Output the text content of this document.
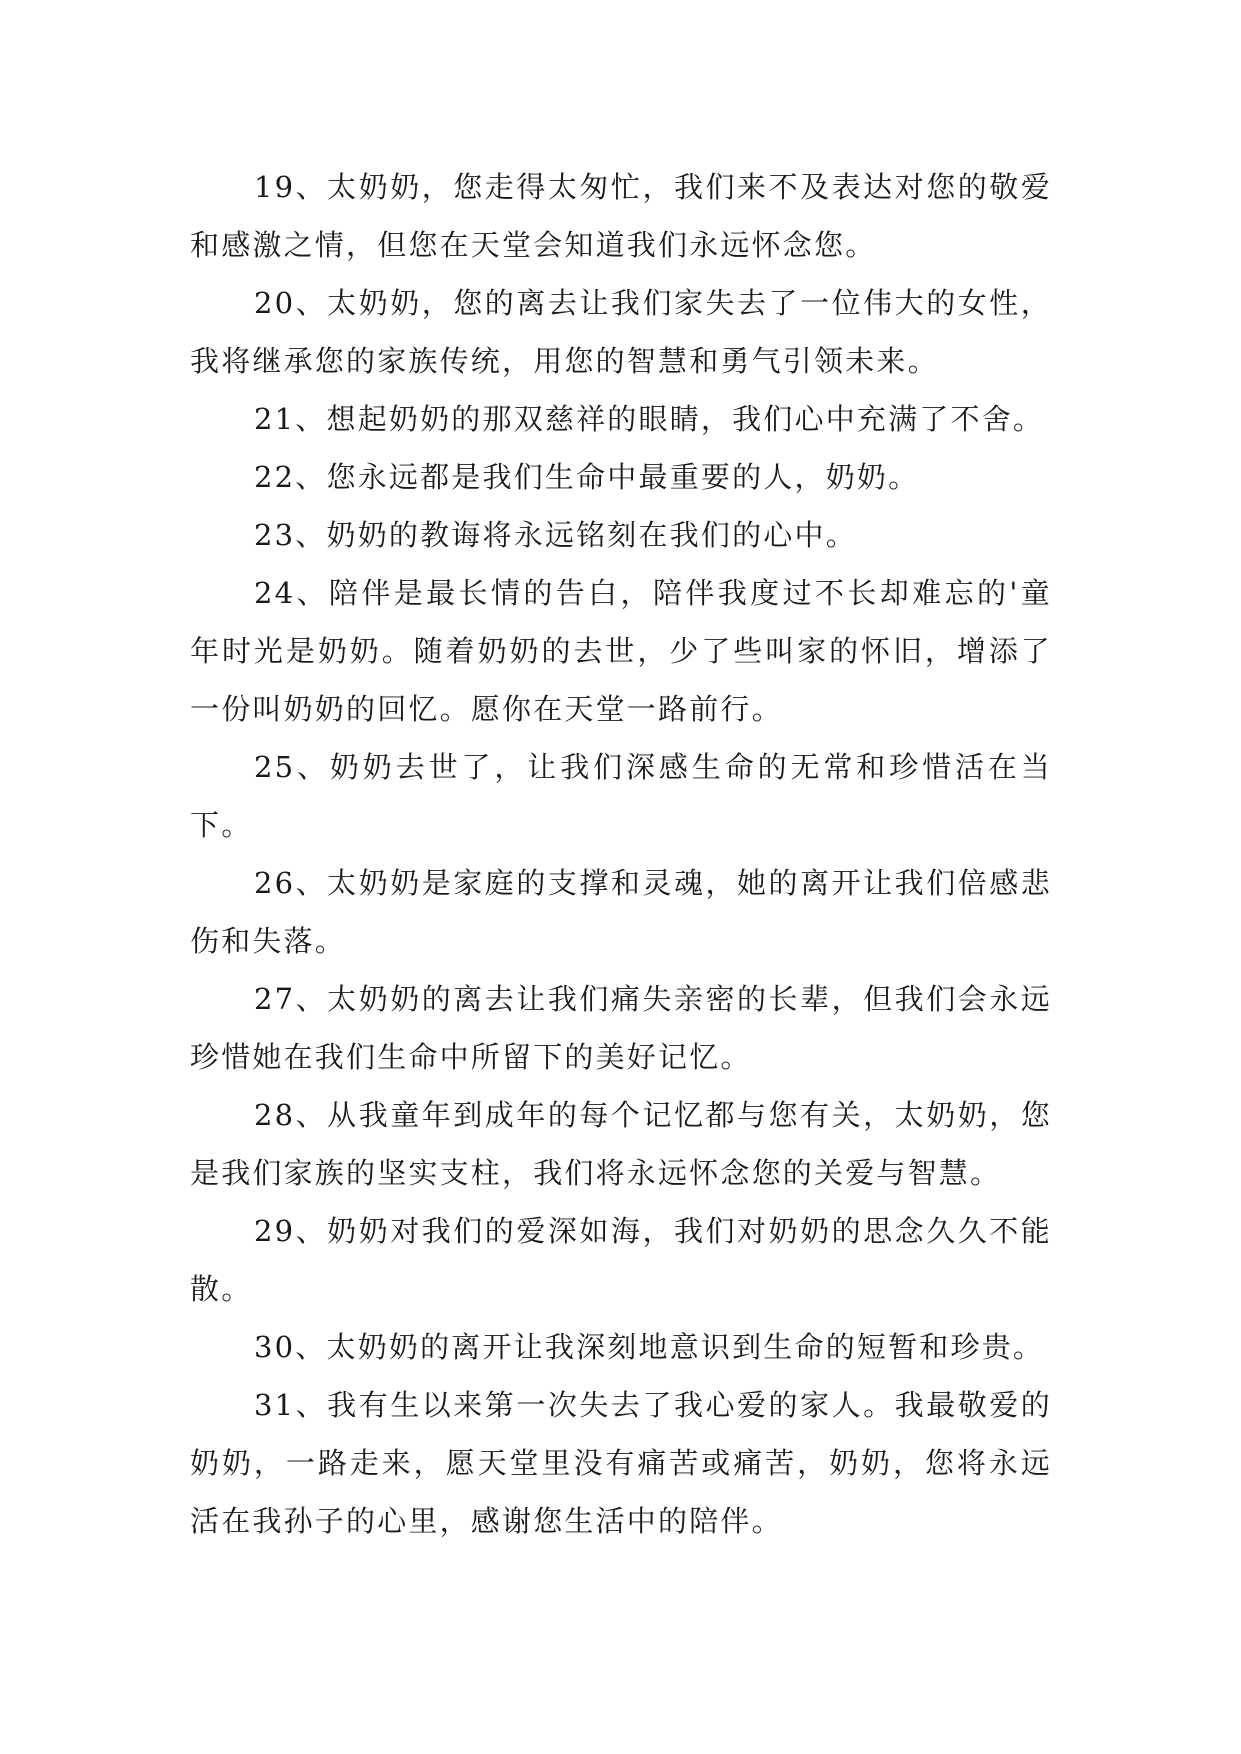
19、太奶奶，您走得太匆忙，我们来不及表达对您的敬爱和感激之情，但您在天堂会知道我们永远怀念您。

20、太奶奶，您的离去让我们家失去了一位伟大的女性，我将继承您的家族传统，用您的智慧和勇气引领未来。

21、想起奶奶的那双慈祥的眼睛，我们心中充满了不舍。

22、您永远都是我们生命中最重要的人，奶奶。

23、奶奶的教诲将永远铭刻在我们的心中。

24、陪伴是最长情的告白，陪伴我度过不长却难忘的'童年时光是奶奶。随着奶奶的去世，少了些叫家的怀旧，增添了一份叫奶奶的回忆。愿你在天堂一路前行。

25、奶奶去世了，让我们深感生命的无常和珍惜活在当下。

26、太奶奶是家庭的支撑和灵魂，她的离开让我们倍感悲伤和失落。

27、太奶奶的离去让我们痛失亲密的长辈，但我们会永远珍惜她在我们生命中所留下的美好记忆。

28、从我童年到成年的每个记忆都与您有关，太奶奶，您是我们家族的坚实支柱，我们将永远怀念您的关爱与智慧。

29、奶奶对我们的爱深如海，我们对奶奶的思念久久不能散。

30、太奶奶的离开让我深刻地意识到生命的短暂和珍贵。

31、我有生以来第一次失去了我心爱的家人。我最敬爱的奶奶，一路走来，愿天堂里没有痛苦或痛苦，奶奶，您将永远活在我孙子的心里，感谢您生活中的陪伴。
